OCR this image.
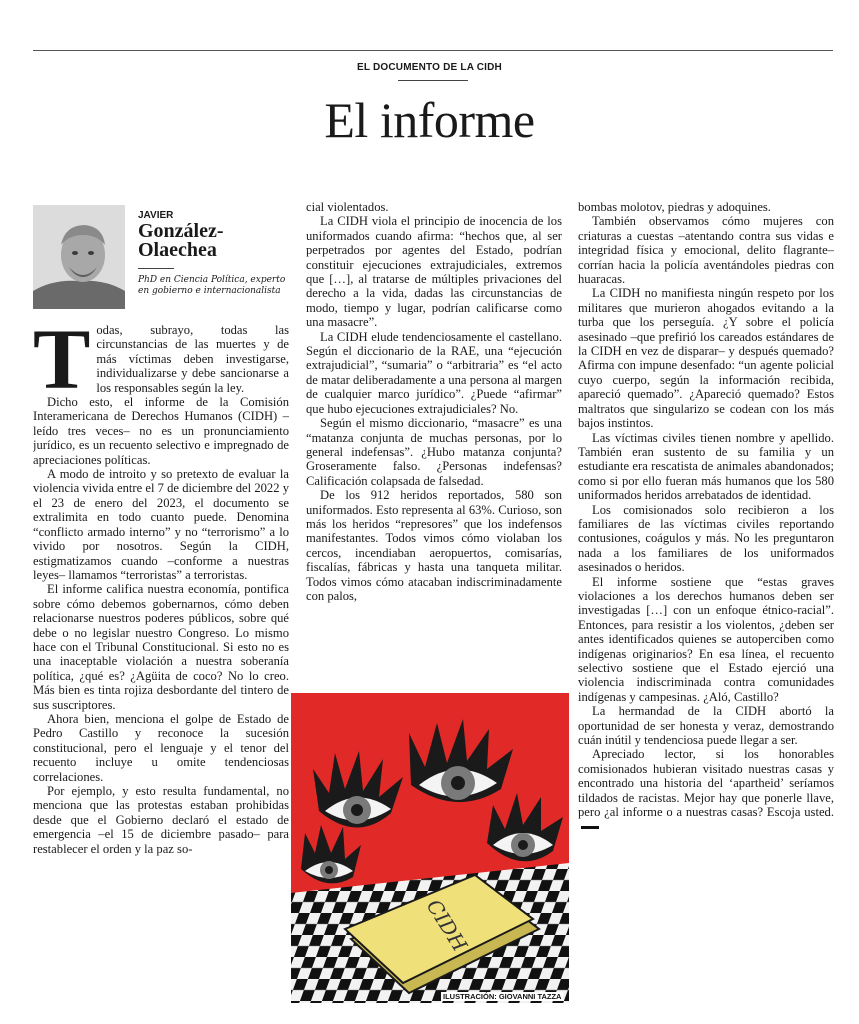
EL DOCUMENTO DE LA CIDH
El informe
JAVIER
González-Olaechea
PhD en Ciencia Política, experto en gobierno e internacionalista

Todas, subrayo, todas las circunstancias de las muertes y de más víctimas deben investigarse, individualizarse y debe sancionarse a los responsables según la ley.

Dicho esto, el informe de la Comisión Interamericana de Derechos Humanos (CIDH) –leído tres veces– no es un pronunciamiento jurídico, es un recuento selectivo e impregnado de apreciaciones políticas.

A modo de introito y so pretexto de evaluar la violencia vivida entre el 7 de diciembre del 2022 y el 23 de enero del 2023, el documento se extralimita en todo cuanto puede. Denomina “conflicto armado interno” y no “terrorismo” a lo vivido por nosotros. Según la CIDH, estigmatizamos cuando –conforme a nuestras leyes– llamamos “terroristas” a terroristas.

El informe califica nuestra economía, pontifica sobre cómo debemos gobernarnos, cómo deben relacionarse nuestros poderes públicos, sobre qué debe o no legislar nuestro Congreso. Lo mismo hace con el Tribunal Constitucional. Si esto no es una inaceptable violación a nuestra soberanía política, ¿qué es? ¿Agüita de coco? No lo creo. Más bien es tinta rojiza desbordante del tintero de sus suscriptores.

Ahora bien, menciona el golpe de Estado de Pedro Castillo y reconoce la sucesión constitucional, pero el lenguaje y el tenor del recuento incluye u omite tendenciosas correlaciones.

Por ejemplo, y esto resulta fundamental, no menciona que las protestas estaban prohibidas desde que el Gobierno declaró el estado de emergencia –el 15 de diciembre pasado– para restablecer el orden y la paz so-

cial violentados.

La CIDH viola el principio de inocencia de los uniformados cuando afirma: “hechos que, al ser perpetrados por agentes del Estado, podrían constituir ejecuciones extrajudiciales, extremos que […], al tratarse de múltiples privaciones del derecho a la vida, dadas las circunstancias de modo, tiempo y lugar, podrían calificarse como una masacre”.

La CIDH elude tendenciosamente el castellano. Según el diccionario de la RAE, una “ejecución extrajudicial”, “sumaria” o “arbitraria” es “el acto de matar deliberadamente a una persona al margen de cualquier marco jurídico”. ¿Puede “afirmar” que hubo ejecuciones extrajudiciales? No.

Según el mismo diccionario, “masacre” es una “matanza conjunta de muchas personas, por lo general indefensas”. ¿Hubo matanza conjunta? Groseramente falso. ¿Personas indefensas? Calificación colapsada de falsedad.

De los 912 heridos reportados, 580 son uniformados. Esto representa al 63%. Curioso, son más los heridos “represores” que los indefensos manifestantes. Todos vimos cómo violaban los cercos, incendiaban aeropuertos, comisarías, fiscalías, fábricas y hasta una tanqueta militar. Todos vimos cómo atacaban indiscriminadamente con palos,

bombas molotov, piedras y adoquines.

También observamos cómo mujeres con criaturas a cuestas –atentando contra sus vidas e integridad física y emocional, delito flagrante– corrían hacia la policía aventándoles piedras con huaracas.

La CIDH no manifiesta ningún respeto por los militares que murieron ahogados evitando a la turba que los perseguía. ¿Y sobre el policía asesinado –que prefirió los careados estándares de la CIDH en vez de disparar– y después quemado? Afirma con impune desenfado: “un agente policial cuyo cuerpo, según la información recibida, apareció quemado”. ¿Apareció quemado? Estos maltratos que singularizo se codean con los más bajos instintos.

Las víctimas civiles tienen nombre y apellido. También eran sustento de su familia y un estudiante era rescatista de animales abandonados; como si por ello fueran más humanos que los 580 uniformados heridos arrebatados de identidad.

Los comisionados solo recibieron a los familiares de las víctimas civiles reportando contusiones, coágulos y más. No les preguntaron nada a los familiares de los uniformados asesinados o heridos.

El informe sostiene que “estas graves violaciones a los derechos humanos deben ser investigadas […] con un enfoque étnico-racial”. Entonces, para resistir a los violentos, ¿deben ser antes identificados quienes se autoperciben como indígenas originarios? En esa línea, el recuento selectivo sostiene que el Estado ejerció una violencia indiscriminada contra comunidades indígenas y campesinas. ¿Aló, Castillo?

La hermandad de la CIDH abortó la oportunidad de ser honesta y veraz, demostrando cuán inútil y tendenciosa puede llegar a ser.

Apreciado lector, si los honorables comisionados hubieran visitado nuestras casas y encontrado una historia del ‘apartheid’ seríamos tildados de racistas. Mejor hay que ponerle llave, pero ¿al informe o a nuestras casas? Escoja usted.

CIDH
ILUSTRACIÓN: GIOVANNI TAZZA
